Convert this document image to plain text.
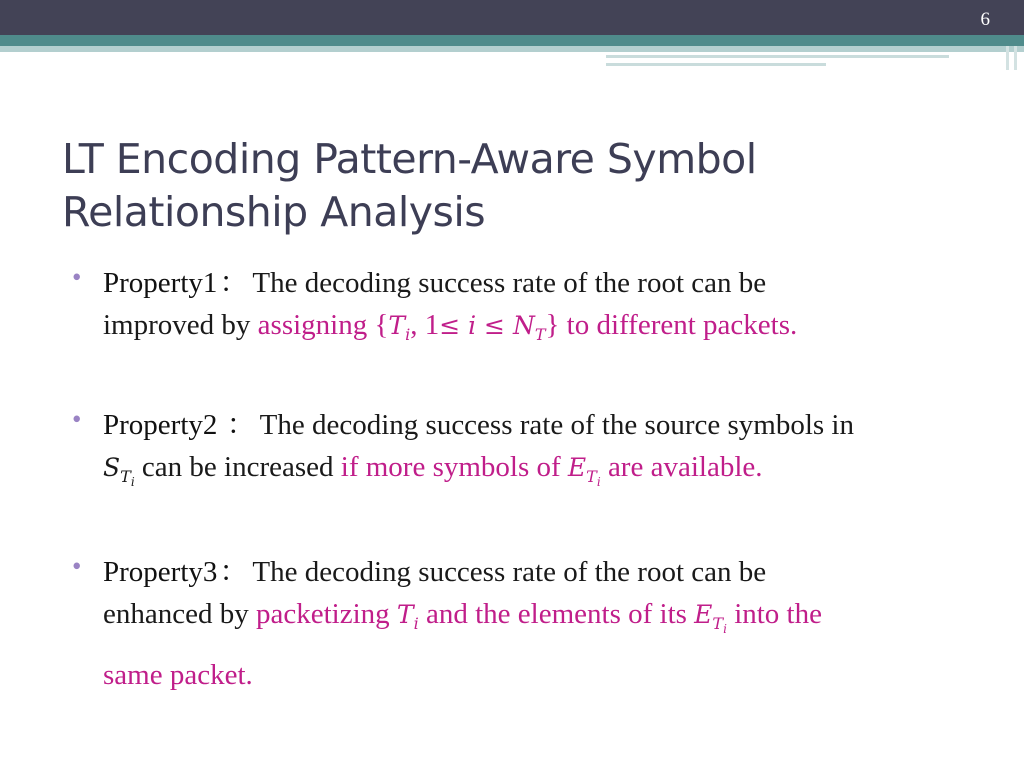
6
LT Encoding Pattern-Aware Symbol
Relationship Analysis
• Property1： The decoding success rate of the root can be
improved by assigning {$T_i$, $1\le i \le N_T$} to different packets.
• Property2 ： The decoding success rate of the source symbols in
$S_{T_i}$ can be increased if more symbols of $E_{T_i}$ are available.
• Property3： The decoding success rate of the root can be
enhanced by packetizing $T_i$ and the elements of its $E_{T_i}$ into the
same packet.
